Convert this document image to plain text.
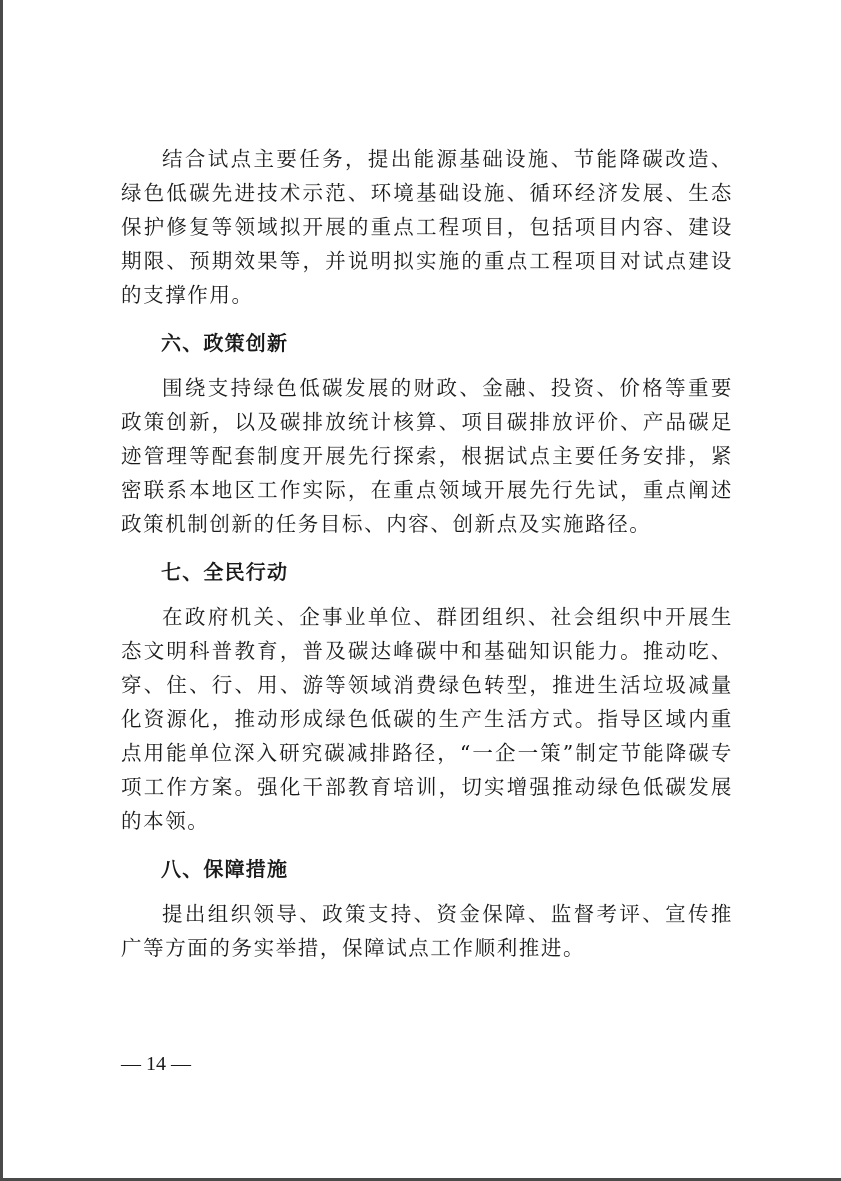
结合试点主要任务，提出能源基础设施、节能降碳改造、绿色低碳先进技术示范、环境基础设施、循环经济发展、生态保护修复等领域拟开展的重点工程项目，包括项目内容、建设期限、预期效果等，并说明拟实施的重点工程项目对试点建设的支撑作用。

六、政策创新

围绕支持绿色低碳发展的财政、金融、投资、价格等重要政策创新，以及碳排放统计核算、项目碳排放评价、产品碳足迹管理等配套制度开展先行探索，根据试点主要任务安排，紧密联系本地区工作实际，在重点领域开展先行先试，重点阐述政策机制创新的任务目标、内容、创新点及实施路径。

七、全民行动

在政府机关、企事业单位、群团组织、社会组织中开展生态文明科普教育，普及碳达峰碳中和基础知识能力。推动吃、穿、住、行、用、游等领域消费绿色转型，推进生活垃圾减量化资源化，推动形成绿色低碳的生产生活方式。指导区域内重点用能单位深入研究碳减排路径，“一企一策”制定节能降碳专项工作方案。强化干部教育培训，切实增强推动绿色低碳发展的本领。

八、保障措施

提出组织领导、政策支持、资金保障、监督考评、宣传推广等方面的务实举措，保障试点工作顺利推进。

— 14 —
